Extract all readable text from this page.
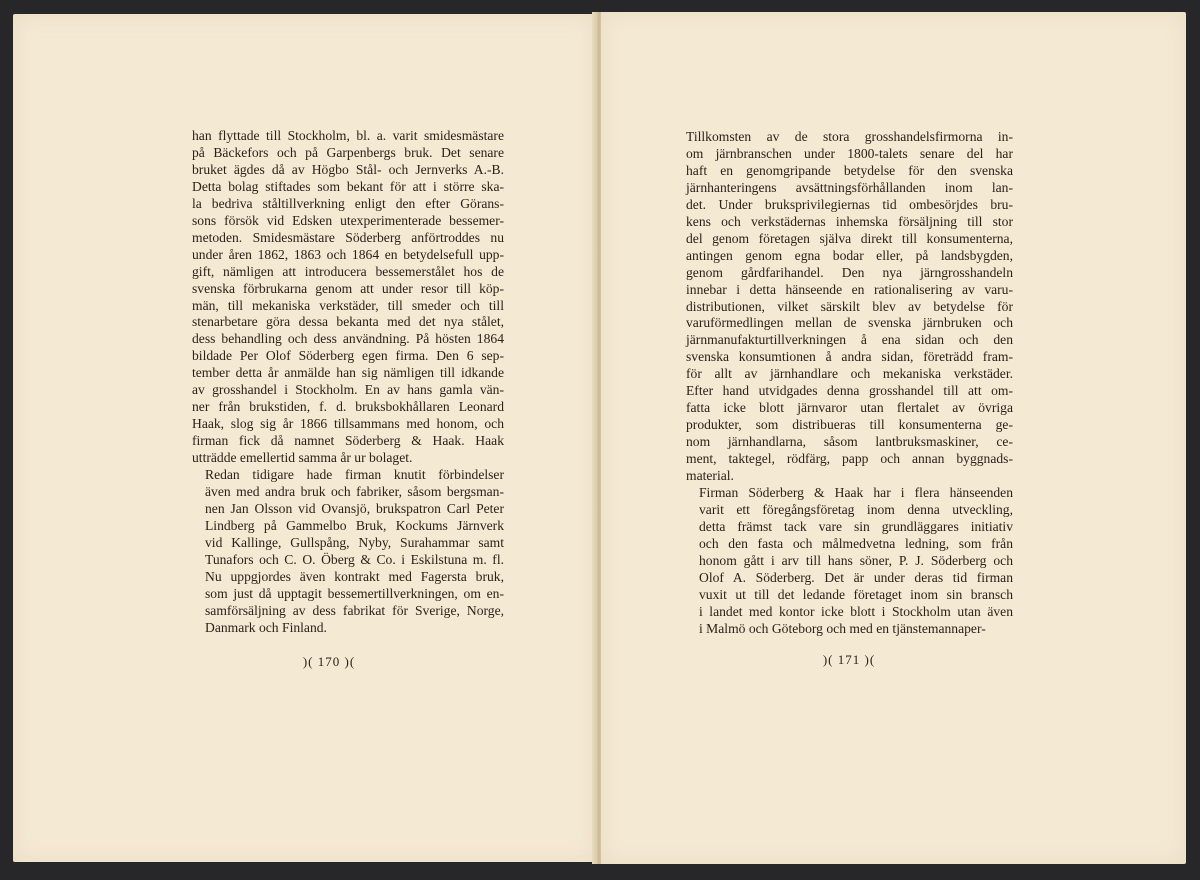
han flyttade till Stockholm, bl. a. varit smidesmästare
på Bäckefors och på Garpenbergs bruk. Det senare
bruket ägdes då av Högbo Stål- och Jernverks A.-B.
Detta bolag stiftades som bekant för att i större ska-
la bedriva ståltillverkning enligt den efter Görans-
sons försök vid Edsken utexperimenterade bessemer-
metoden. Smidesmästare Söderberg anförtroddes nu
under åren 1862, 1863 och 1864 en betydelsefull upp-
gift, nämligen att introducera bessemerstålet hos de
svenska förbrukarna genom att under resor till köp-
män, till mekaniska verkstäder, till smeder och till
stenarbetare göra dessa bekanta med det nya stålet,
dess behandling och dess användning. På hösten 1864
bildade Per Olof Söderberg egen firma. Den 6 sep-
tember detta år anmälde han sig nämligen till idkande
av grosshandel i Stockholm. En av hans gamla vän-
ner från brukstiden, f. d. bruksbokhållaren Leonard
Haak, slog sig år 1866 tillsammans med honom, och
firman fick då namnet Söderberg & Haak. Haak
utträdde emellertid samma år ur bolaget.
Redan tidigare hade firman knutit förbindelser
även med andra bruk och fabriker, såsom bergsman-
nen Jan Olsson vid Ovansjö, brukspatron Carl Peter
Lindberg på Gammelbo Bruk, Kockums Järnverk
vid Kallinge, Gullspång, Nyby, Surahammar samt
Tunafors och C. O. Öberg & Co. i Eskilstuna m. fl.
Nu uppgjordes även kontrakt med Fagersta bruk,
som just då upptagit bessemertillverkningen, om en-
samförsäljning av dess fabrikat för Sverige, Norge,
Danmark och Finland.
)( 170 )(
Tillkomsten av de stora grosshandelsfirmorna in-
om järnbranschen under 1800-talets senare del har
haft en genomgripande betydelse för den svenska
järnhanteringens avsättningsförhållanden inom lan-
det. Under bruksprivilegiernas tid ombesörjdes bru-
kens och verkstädernas inhemska försäljning till stor
del genom företagen själva direkt till konsumenterna,
antingen genom egna bodar eller, på landsbygden,
genom gårdfarihandel. Den nya järngrosshandeln
innebar i detta hänseende en rationalisering av varu-
distributionen, vilket särskilt blev av betydelse för
varuförmedlingen mellan de svenska järnbruken och
järnmanufakturtillverkningen å ena sidan och den
svenska konsumtionen å andra sidan, företrädd fram-
för allt av järnhandlare och mekaniska verkstäder.
Efter hand utvidgades denna grosshandel till att om-
fatta icke blott järnvaror utan flertalet av övriga
produkter, som distribueras till konsumenterna ge-
nom järnhandlarna, såsom lantbruksmaskiner, ce-
ment, taktegel, rödfärg, papp och annan byggnads-
material.
Firman Söderberg & Haak har i flera hänseenden
varit ett föregångsföretag inom denna utveckling,
detta främst tack vare sin grundläggares initiativ
och den fasta och målmedvetna ledning, som från
honom gått i arv till hans söner, P. J. Söderberg och
Olof A. Söderberg. Det är under deras tid firman
vuxit ut till det ledande företaget inom sin bransch
i landet med kontor icke blott i Stockholm utan även
i Malmö och Göteborg och med en tjänstemannaper-
)( 171 )(
